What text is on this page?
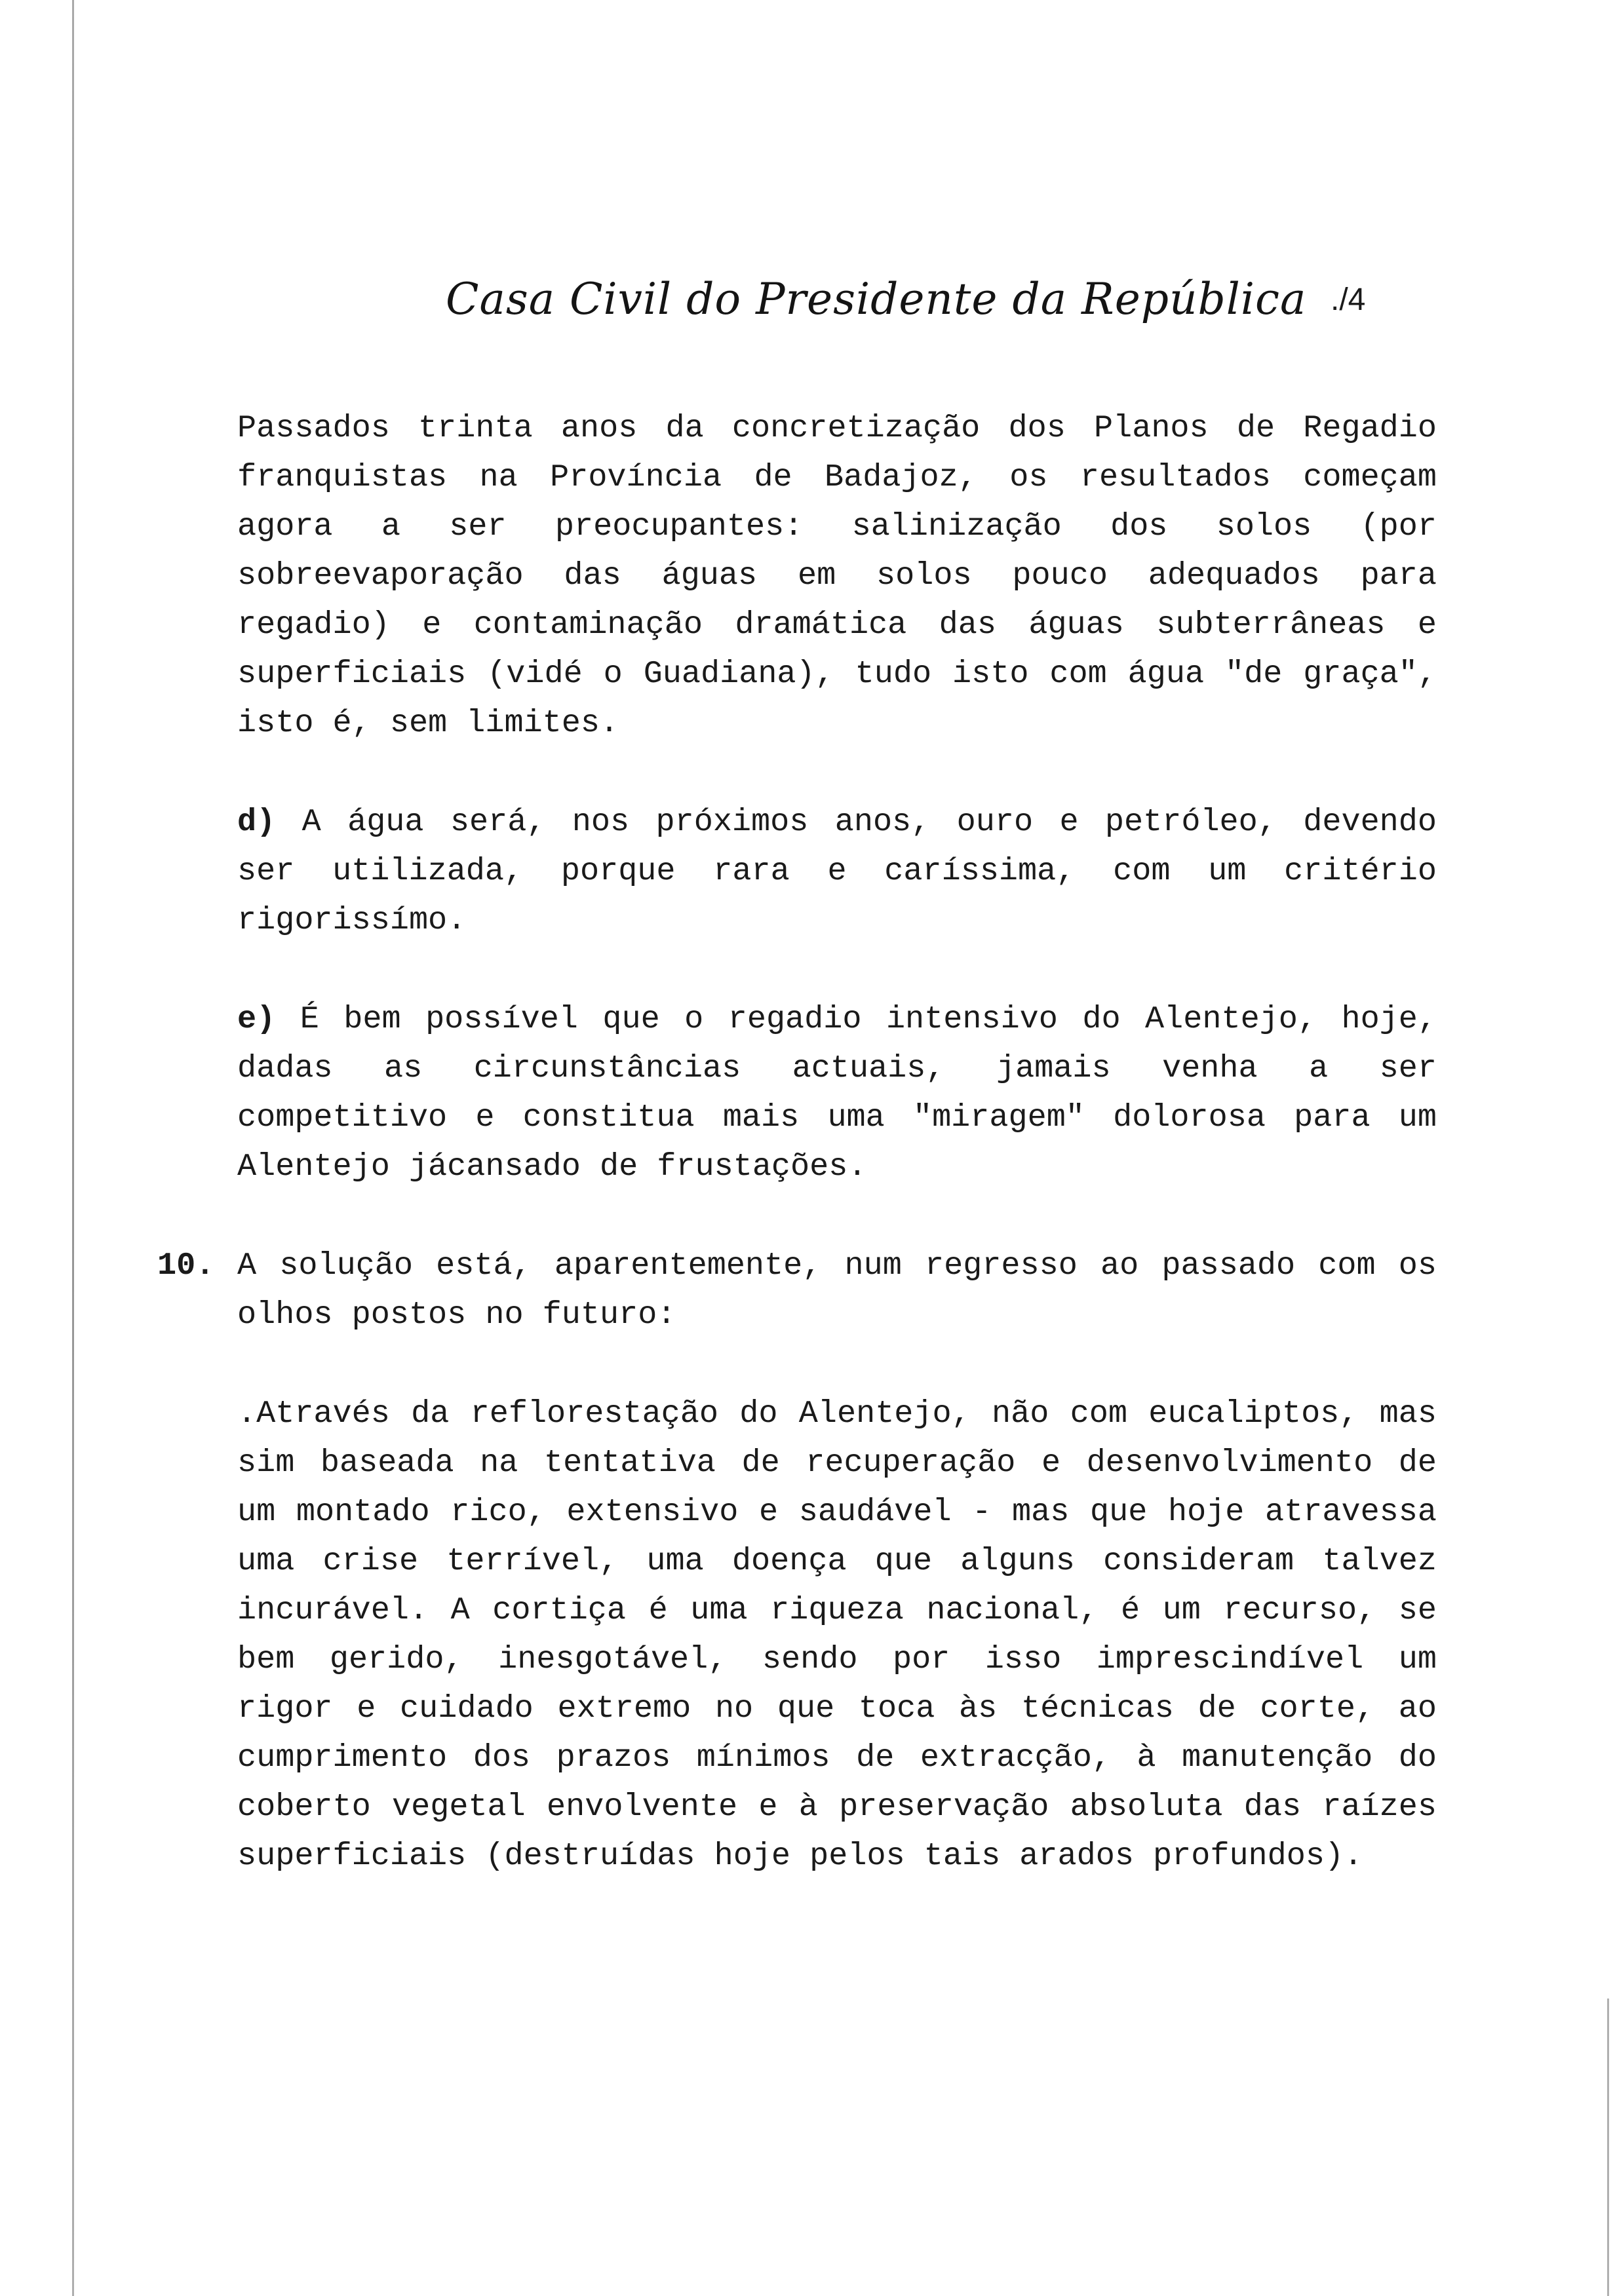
Casa Civil do Presidente da República ./4

Passados trinta anos da concretização dos Planos de Regadio franquistas na Província de Badajoz, os resultados começam agora a ser preocupantes: salinização dos solos (por sobreevaporação das águas em solos pouco adequados para regadio) e contaminação dramática das águas subterrâneas e superficiais (vidé o Guadiana), tudo isto com água "de graça", isto é, sem limites.

d) A água será, nos próximos anos, ouro e petróleo, devendo ser utilizada, porque rara e caríssima, com um critério rigorissímo.

e) É bem possível que o regadio intensivo do Alentejo, hoje, dadas as circunstâncias actuais, jamais venha a ser competitivo e constitua mais uma "miragem" dolorosa para um Alentejo jácansado de frustações.

10. A solução está, aparentemente, num regresso ao passado com os olhos postos no futuro:

.Através da reflorestação do Alentejo, não com eucaliptos, mas sim baseada na tentativa de recuperação e desenvolvimento de um montado rico, extensivo e saudável - mas que hoje atravessa uma crise terrível, uma doença que alguns consideram talvez incurável. A cortiça é uma riqueza nacional, é um recurso, se bem gerido, inesgotável, sendo por isso imprescindível um rigor e cuidado extremo no que toca às técnicas de corte, ao cumprimento dos prazos mínimos de extracção, à manutenção do coberto vegetal envolvente e à preservação absoluta das raízes superficiais (destruídas hoje pelos tais arados profundos).
